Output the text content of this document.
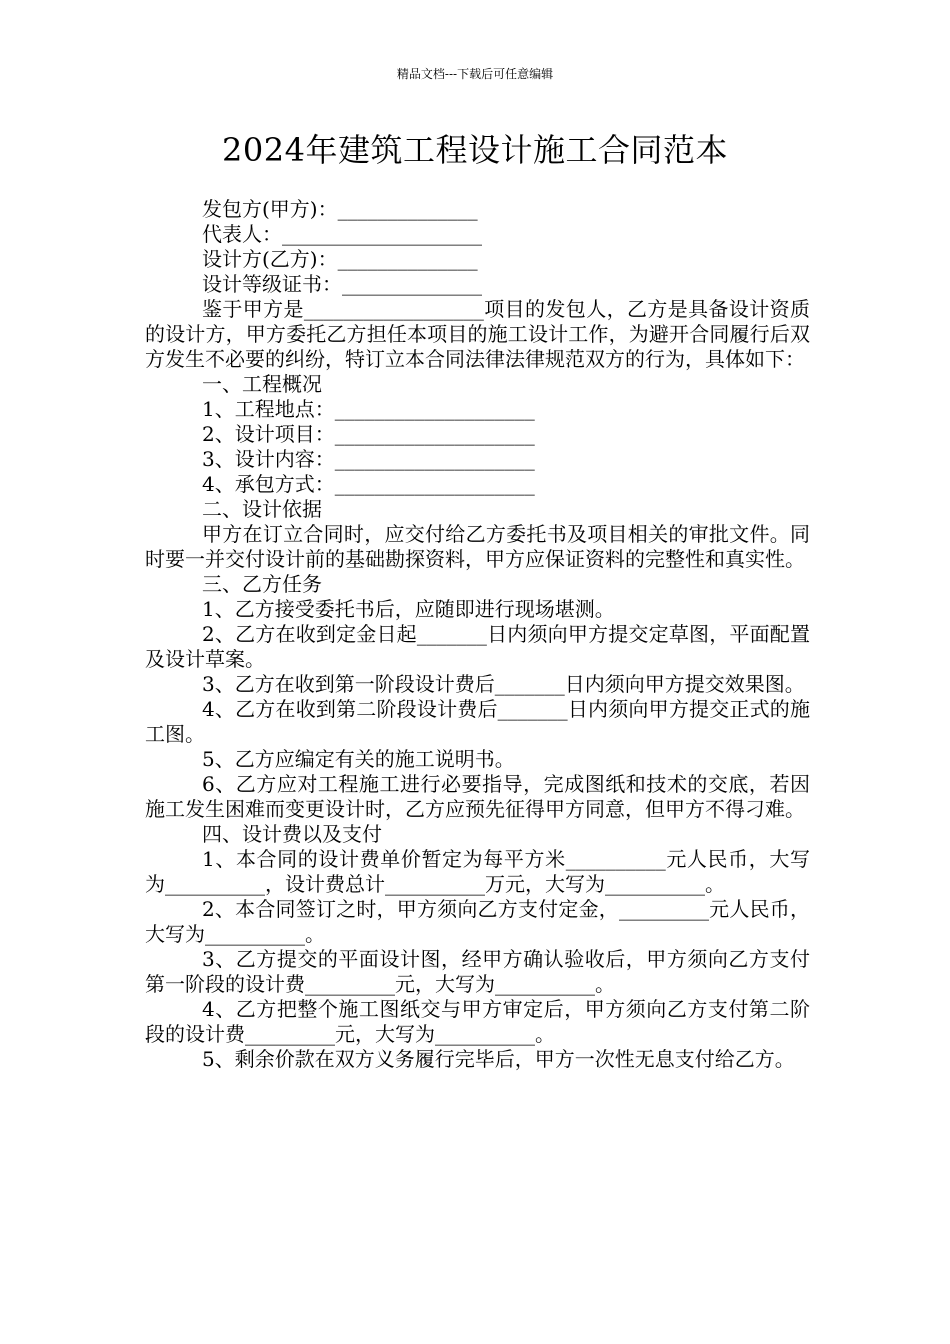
精品文档---下载后可任意编辑
2024年建筑工程设计施工合同范本

发包方(甲方)：______________

代表人：____________________

设计方(乙方)：______________

设计等级证书：______________

鉴于甲方是__________________项目的发包人，乙方是具备设计资质的设计方，甲方委托乙方担任本项目的施工设计工作，为避开合同履行后双方发生不必要的纠纷，特订立本合同法律法律规范双方的行为，具体如下：

一、工程概况

1、工程地点：____________________

2、设计项目：____________________

3、设计内容：____________________

4、承包方式：____________________

二、设计依据

甲方在订立合同时，应交付给乙方委托书及项目相关的审批文件。同时要一并交付设计前的基础勘探资料，甲方应保证资料的完整性和真实性。

三、乙方任务

1、乙方接受委托书后，应随即进行现场堪测。

2、乙方在收到定金日起_______日内须向甲方提交定草图，平面配置及设计草案。

3、乙方在收到第一阶段设计费后_______日内须向甲方提交效果图。

4、乙方在收到第二阶段设计费后_______日内须向甲方提交正式的施工图。

5、乙方应编定有关的施工说明书。

6、乙方应对工程施工进行必要指导，完成图纸和技术的交底，若因施工发生困难而变更设计时，乙方应预先征得甲方同意，但甲方不得刁难。

四、设计费以及支付

1、本合同的设计费单价暂定为每平方米__________元人民币，大写为__________，设计费总计__________万元，大写为__________。

2、本合同签订之时，甲方须向乙方支付定金，_________元人民币，大写为__________。

3、乙方提交的平面设计图，经甲方确认验收后，甲方须向乙方支付第一阶段的设计费_________元，大写为__________。

4、乙方把整个施工图纸交与甲方审定后，甲方须向乙方支付第二阶段的设计费_________元，大写为__________。

5、剩余价款在双方义务履行完毕后，甲方一次性无息支付给乙方。
